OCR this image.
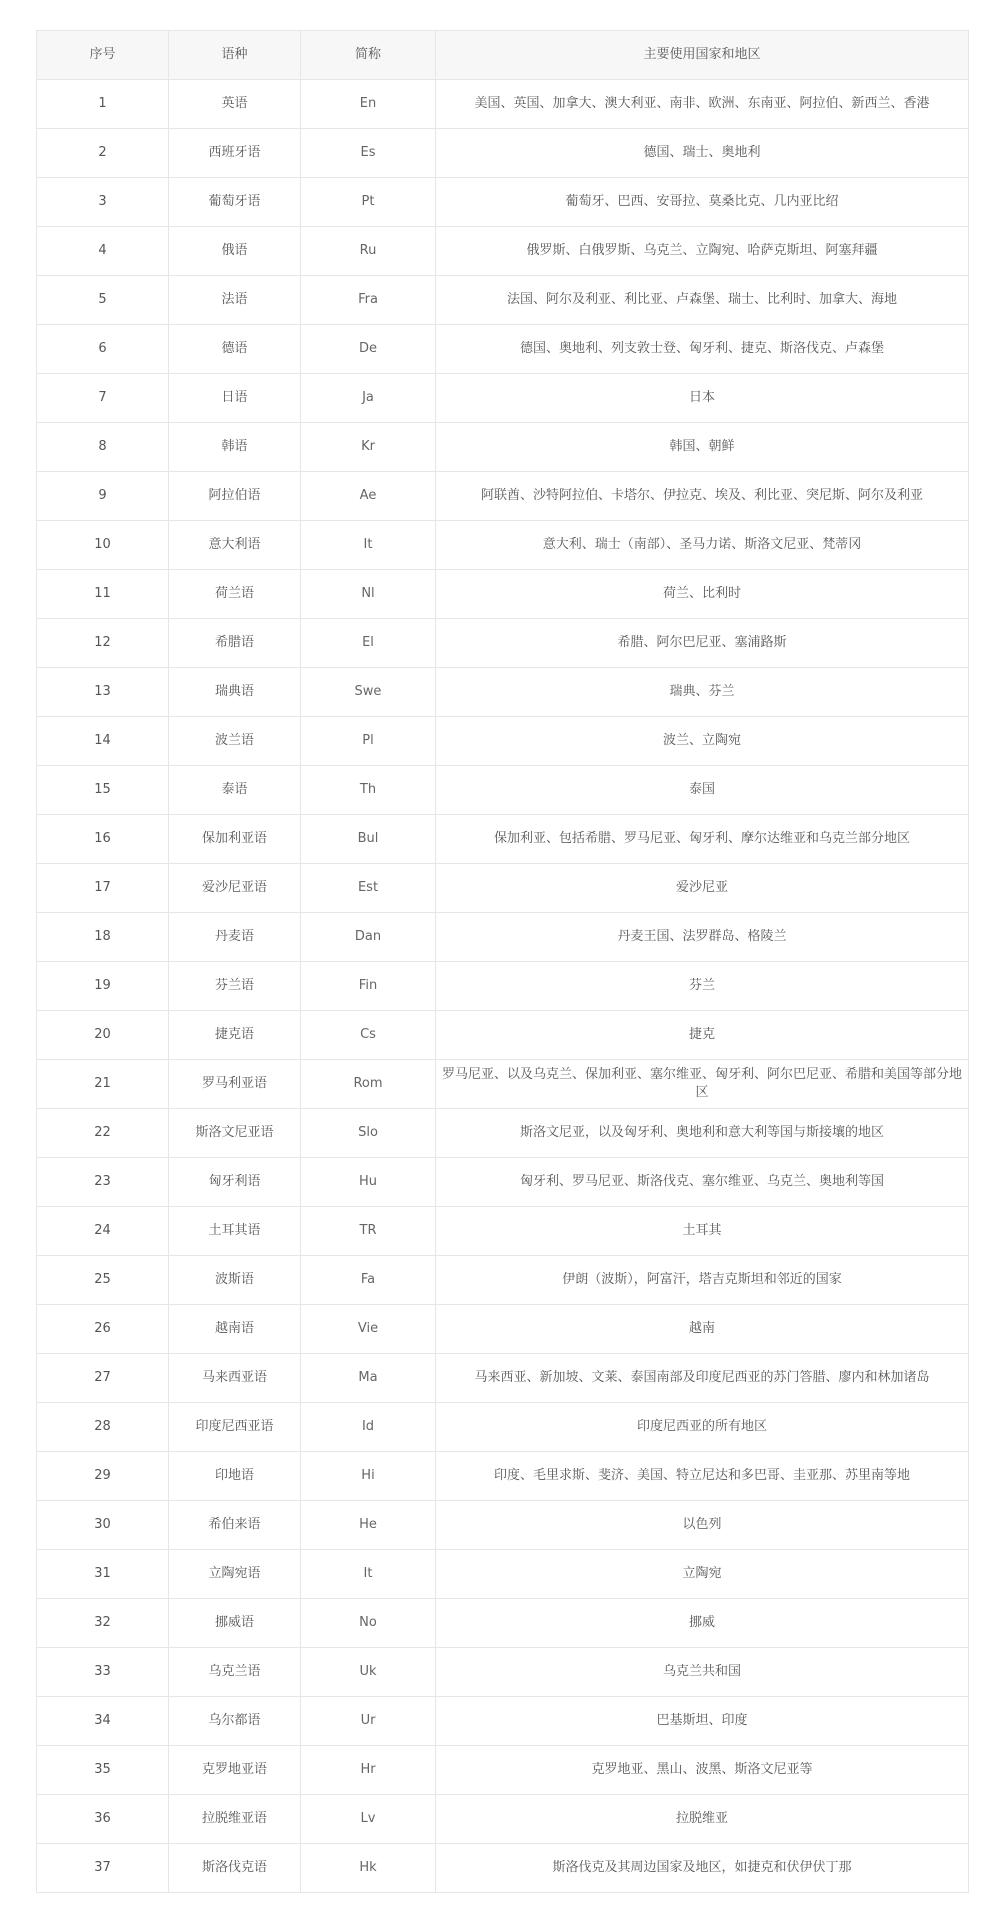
序号	语种	简称	主要使用国家和地区
1	英语	En	美国、英国、加拿大、澳大利亚、南非、欧洲、东南亚、阿拉伯、新西兰、香港
2	西班牙语	Es	德国、瑞士、奥地利
3	葡萄牙语	Pt	葡萄牙、巴西、安哥拉、莫桑比克、几内亚比绍
4	俄语	Ru	俄罗斯、白俄罗斯、乌克兰、立陶宛、哈萨克斯坦、阿塞拜疆
5	法语	Fra	法国、阿尔及利亚、利比亚、卢森堡、瑞士、比利时、加拿大、海地
6	德语	De	德国、奥地利、列支敦士登、匈牙利、捷克、斯洛伐克、卢森堡
7	日语	Ja	日本
8	韩语	Kr	韩国、朝鲜
9	阿拉伯语	Ae	阿联酋、沙特阿拉伯、卡塔尔、伊拉克、埃及、利比亚、突尼斯、阿尔及利亚
10	意大利语	It	意大利、瑞士（南部）、圣马力诺、斯洛文尼亚、梵蒂冈
11	荷兰语	Nl	荷兰、比利时
12	希腊语	El	希腊、阿尔巴尼亚、塞浦路斯
13	瑞典语	Swe	瑞典、芬兰
14	波兰语	Pl	波兰、立陶宛
15	泰语	Th	泰国
16	保加利亚语	Bul	保加利亚、包括希腊、罗马尼亚、匈牙利、摩尔达维亚和乌克兰部分地区
17	爱沙尼亚语	Est	爱沙尼亚
18	丹麦语	Dan	丹麦王国、法罗群岛、格陵兰
19	芬兰语	Fin	芬兰
20	捷克语	Cs	捷克
21	罗马利亚语	Rom	罗马尼亚、以及乌克兰、保加利亚、塞尔维亚、匈牙利、阿尔巴尼亚、希腊和美国等部分地区
22	斯洛文尼亚语	Slo	斯洛文尼亚，以及匈牙利、奥地利和意大利等国与斯接壤的地区
23	匈牙利语	Hu	匈牙利、罗马尼亚、斯洛伐克、塞尔维亚、乌克兰、奥地利等国
24	土耳其语	TR	土耳其
25	波斯语	Fa	伊朗（波斯），阿富汗，塔吉克斯坦和邻近的国家
26	越南语	Vie	越南
27	马来西亚语	Ma	马来西亚、新加坡、文莱、泰国南部及印度尼西亚的苏门答腊、廖内和林加诸岛
28	印度尼西亚语	Id	印度尼西亚的所有地区
29	印地语	Hi	印度、毛里求斯、斐济、美国、特立尼达和多巴哥、圭亚那、苏里南等地
30	希伯来语	He	以色列
31	立陶宛语	It	立陶宛
32	挪威语	No	挪威
33	乌克兰语	Uk	乌克兰共和国
34	乌尔都语	Ur	巴基斯坦、印度
35	克罗地亚语	Hr	克罗地亚、黑山、波黑、斯洛文尼亚等
36	拉脱维亚语	Lv	拉脱维亚
37	斯洛伐克语	Hk	斯洛伐克及其周边国家及地区，如捷克和伏伊伏丁那
